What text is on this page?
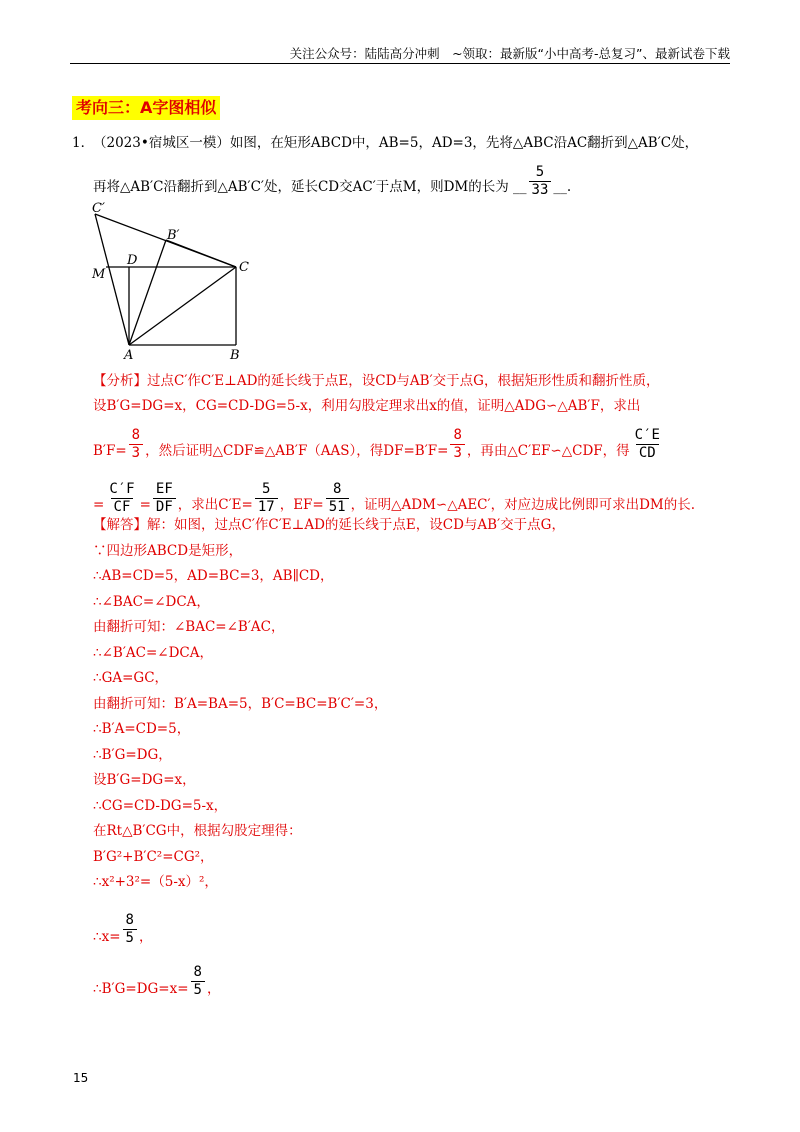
关注公众号：陆陆高分冲刺　~领取：最新版“小中高考-总复习”、最新试卷下载
考向三：A字图相似
1．
（2023•宿城区一模）如图，在矩形ABCD中，AB=5，AD=3，先将△ABC沿AC翻折到△AB′C处，
再将△AB′C沿翻折到△AB′C′处，延长CD交AC′于点M，则DM的长为 __ $\frac{5}{33}$ __.
C′
B′
D	C
M
A	B
【分析】过点C′作C′E⊥AD的延长线于点E，设CD与AB′交于点G，根据矩形性质和翻折性质，
设B′G=DG=x，CG=CD-DG=5-x，利用勾股定理求出x的值，证明△ADG∽△AB′F，求出
$B'F= \frac{8}{3}$ ，然后证明△CDF≌△AB′F（AAS），得$DF=B'F= \frac{8}{3}$ ，再由△C′EF∽△CDF，得 $\frac{C'E}{CD}$
= $\frac{C'F}{CF} = \frac{EF}{DF}$ ，求出$C'E= \frac{5}{17}$ ，$EF= \frac{8}{51}$ ，证明△ADM∽△AEC′，对应边成比例即可求出DM的长.
【解答】解：如图，过点C′作C′E⊥AD的延长线于点E，设CD与AB′交于点G，
∵四边形ABCD是矩形，
∴AB=CD=5，AD=BC=3，AB∥CD，
∴∠BAC=∠DCA，
由翻折可知：∠BAC=∠B′AC，
∴∠B′AC=∠DCA，
∴GA=GC，
由翻折可知：B′A=BA=5，B′C=BC=B′C′=3，
∴B′A=CD=5，
∴B′G=DG，
设B′G=DG=x，
∴CG=CD-DG=5-x，
在Rt△B′CG中，根据勾股定理得：
B′G²+B′C²=CG²，
∴x²+3²=（5-x）²，
∴x= $\frac{8}{5}$ ，
∴B′G=DG=x= $\frac{8}{5}$ ，
15
